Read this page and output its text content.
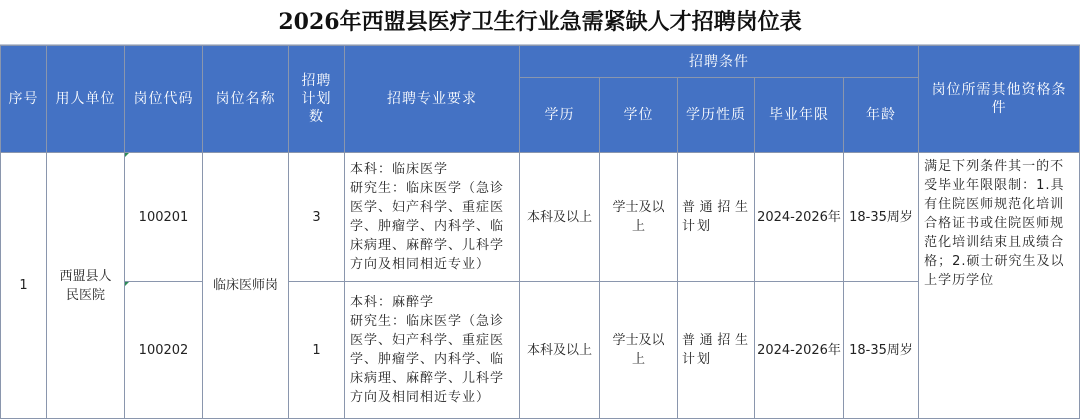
2026年西盟县医疗卫生行业急需紧缺人才招聘岗位表
序号	用人单位	岗位代码	岗位名称	招聘计划数	招聘专业要求	招聘条件					岗位所需其他资格条件
						学历	学位	学历性质	毕业年限	年龄	
1	西盟县人民医院	100201	临床医师岗	3	本科：临床医学
研究生：临床医学（急诊医学、妇产科学、重症医学、肿瘤学、内科学、临床病理、麻醉学、儿科学方向及相同相近专业）	本科及以上	学士及以上	普通招生计划	2024-2026年	18-35周岁	满足下列条件其一的不受毕业年限限制：1.具有住院医师规范化培训合格证书或住院医师规范化培训结束且成绩合格；2.硕士研究生及以上学历学位
		100202		1	本科：麻醉学
研究生：临床医学（急诊医学、妇产科学、重症医学、肿瘤学、内科学、临床病理、麻醉学、儿科学方向及相同相近专业）	本科及以上	学士及以上	普通招生计划	2024-2026年	18-35周岁	
